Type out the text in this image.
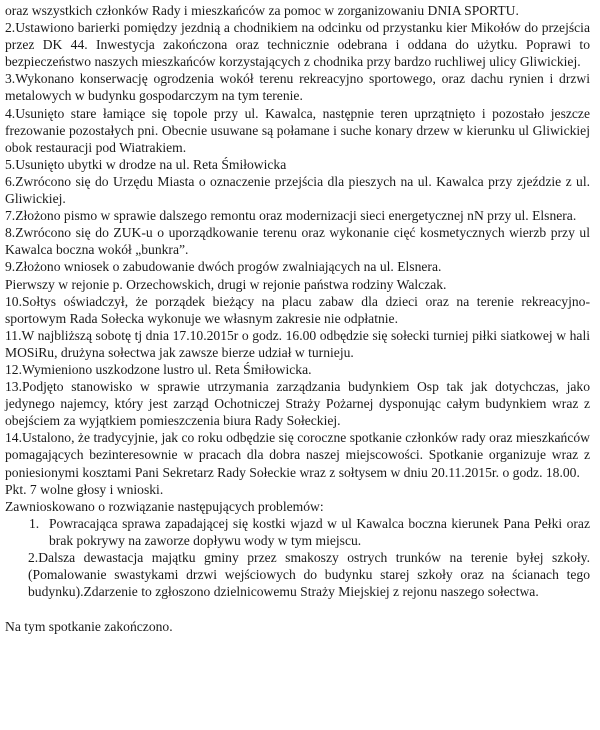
oraz wszystkich członków Rady i mieszkańców za pomoc w zorganizowaniu DNIA SPORTU.

2.Ustawiono barierki pomiędzy jezdnią a chodnikiem na odcinku od przystanku kier Mikołów do przejścia przez DK 44. Inwestycja zakończona oraz technicznie odebrana i oddana do użytku. Poprawi to bezpieczeństwo naszych mieszkańców korzystających z chodnika przy bardzo ruchliwej ulicy Gliwickiej.

3.Wykonano konserwację ogrodzenia wokół terenu rekreacyjno sportowego, oraz dachu rynien i drzwi metalowych w budynku gospodarczym na tym terenie.

4.Usunięto stare łamiące się topole przy ul. Kawalca, następnie teren uprzątnięto i pozostało jeszcze frezowanie pozostałych pni. Obecnie usuwane są połamane i suche konary drzew w kierunku ul Gliwickiej obok restauracji pod Wiatrakiem.

5.Usunięto ubytki w drodze na ul. Reta Śmiłowicka

6.Zwrócono się do Urzędu Miasta o oznaczenie przejścia dla pieszych na ul. Kawalca przy zjeździe z ul. Gliwickiej.

7.Złożono pismo w sprawie dalszego remontu oraz modernizacji sieci energetycznej nN przy ul. Elsnera.

8.Zwrócono się do ZUK-u o uporządkowanie terenu oraz wykonanie cięć kosmetycznych wierzb przy ul Kawalca boczna wokół „bunkra”.

9.Złożono wniosek o zabudowanie dwóch progów zwalniających na ul. Elsnera.

Pierwszy w rejonie p. Orzechowskich, drugi w rejonie państwa rodziny Walczak.

10.Sołtys oświadczył, że porządek bieżący na placu zabaw dla dzieci oraz na terenie rekreacyjno-sportowym Rada Sołecka wykonuje we własnym zakresie nie odpłatnie.

11.W najbliższą sobotę tj dnia 17.10.2015r o godz. 16.00 odbędzie się sołecki turniej piłki siatkowej w hali MOSiRu, drużyna sołectwa jak zawsze bierze udział w turnieju.

12.Wymieniono uszkodzone lustro ul. Reta Śmiłowicka.

13.Podjęto stanowisko w sprawie utrzymania zarządzania budynkiem Osp tak jak dotychczas, jako jedynego najemcy, który jest zarząd Ochotniczej Straży Pożarnej dysponując całym budynkiem wraz z obejściem za wyjątkiem pomieszczenia biura Rady Sołeckiej.

14.Ustalono, że tradycyjnie, jak co roku odbędzie się coroczne spotkanie członków rady oraz mieszkańców pomagających bezinteresownie w pracach dla dobra naszej miejscowości. Spotkanie organizuje wraz z poniesionymi kosztami Pani Sekretarz Rady Sołeckie wraz z sołtysem w dniu 20.11.2015r. o godz. 18.00.

Pkt. 7 wolne głosy i wnioski.

Zawnioskowano o rozwiązanie następujących problemów:

1. Powracająca sprawa zapadającej się kostki wjazd w ul Kawalca boczna kierunek Pana Pełki oraz brak pokrywy na zaworze dopływu wody w tym miejscu.

2.Dalsza dewastacja majątku gminy przez smakoszy ostrych trunków na terenie byłej szkoły.(Pomalowanie swastykami drzwi wejściowych do budynku starej szkoły oraz na ścianach tego budynku).Zdarzenie to zgłoszono dzielnicowemu Straży Miejskiej z rejonu naszego sołectwa.

Na tym spotkanie zakończono.
